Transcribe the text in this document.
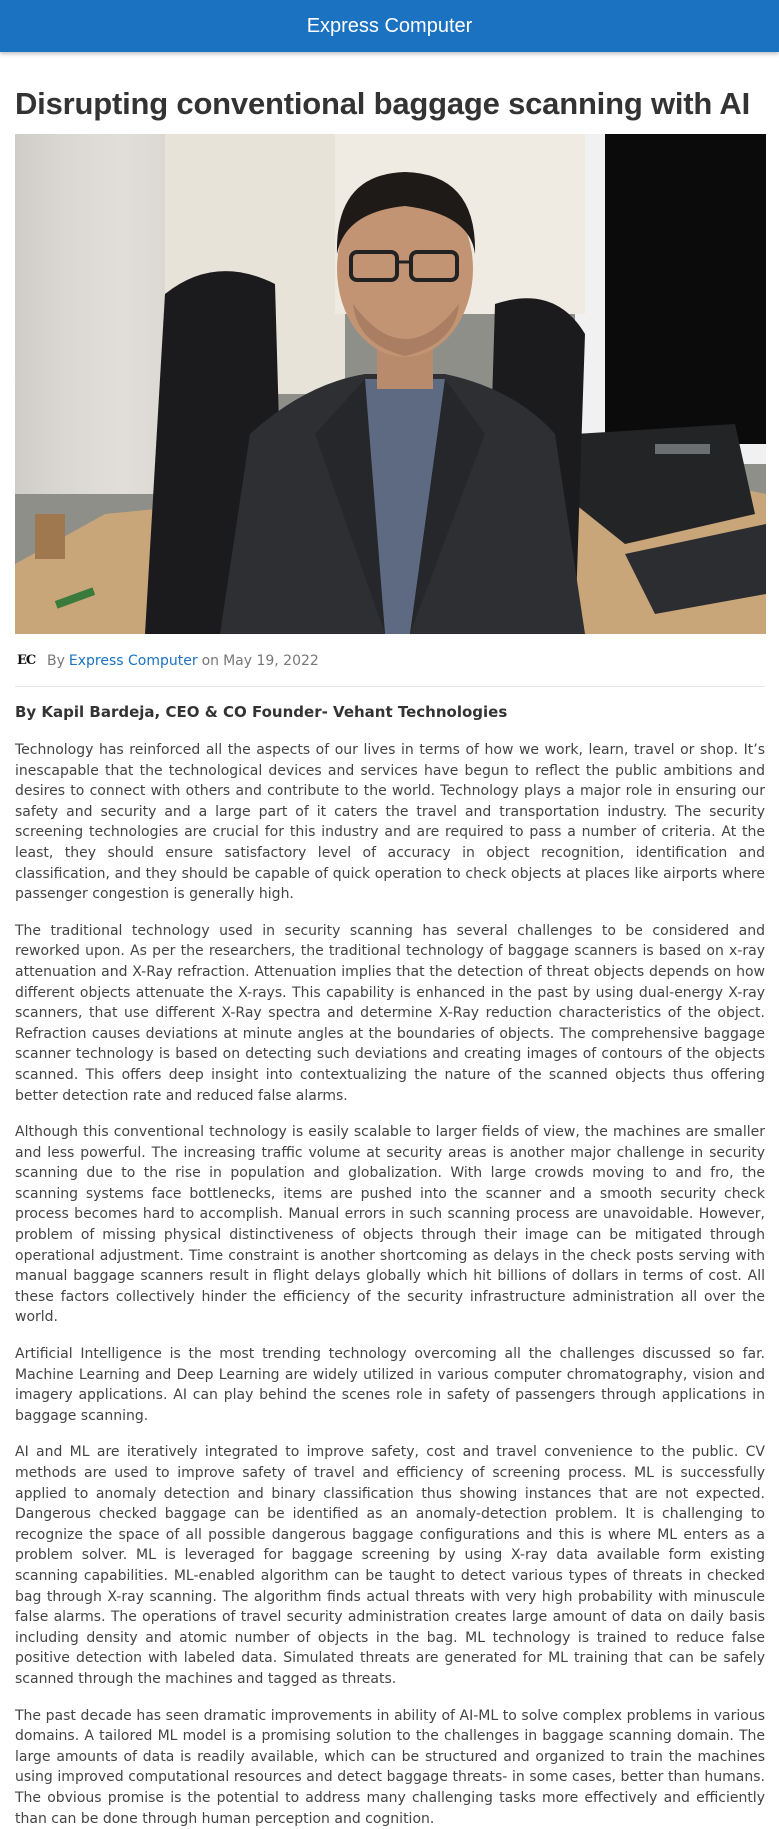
Express Computer
Disrupting conventional baggage scanning with AI
EC By Express Computer on May 19, 2022
By Kapil Bardeja, CEO & CO Founder- Vehant Technologies

Technology has reinforced all the aspects of our lives in terms of how we work, learn, travel or shop. It’s inescapable that the technological devices and services have begun to reflect the public ambitions and desires to connect with others and contribute to the world. Technology plays a major role in ensuring our safety and security and a large part of it caters the travel and transportation industry. The security screening technologies are crucial for this industry and are required to pass a number of criteria. At the least, they should ensure satisfactory level of accuracy in object recognition, identification and classification, and they should be capable of quick operation to check objects at places like airports where passenger congestion is generally high.

The traditional technology used in security scanning has several challenges to be considered and reworked upon. As per the researchers, the traditional technology of baggage scanners is based on x-ray attenuation and X-Ray refraction. Attenuation implies that the detection of threat objects depends on how different objects attenuate the X-rays. This capability is enhanced in the past by using dual-energy X-ray scanners, that use different X-Ray spectra and determine X-Ray reduction characteristics of the object. Refraction causes deviations at minute angles at the boundaries of objects. The comprehensive baggage scanner technology is based on detecting such deviations and creating images of contours of the objects scanned. This offers deep insight into contextualizing the nature of the scanned objects thus offering better detection rate and reduced false alarms.

Although this conventional technology is easily scalable to larger fields of view, the machines are smaller and less powerful. The increasing traffic volume at security areas is another major challenge in security scanning due to the rise in population and globalization. With large crowds moving to and fro, the scanning systems face bottlenecks, items are pushed into the scanner and a smooth security check process becomes hard to accomplish. Manual errors in such scanning process are unavoidable. However, problem of missing physical distinctiveness of objects through their image can be mitigated through operational adjustment. Time constraint is another shortcoming as delays in the check posts serving with manual baggage scanners result in flight delays globally which hit billions of dollars in terms of cost. All these factors collectively hinder the efficiency of the security infrastructure administration all over the world.

Artificial Intelligence is the most trending technology overcoming all the challenges discussed so far. Machine Learning and Deep Learning are widely utilized in various computer chromatography, vision and imagery applications. AI can play behind the scenes role in safety of passengers through applications in baggage scanning.

AI and ML are iteratively integrated to improve safety, cost and travel convenience to the public. CV methods are used to improve safety of travel and efficiency of screening process. ML is successfully applied to anomaly detection and binary classification thus showing instances that are not expected. Dangerous checked baggage can be identified as an anomaly-detection problem. It is challenging to recognize the space of all possible dangerous baggage configurations and this is where ML enters as a problem solver. ML is leveraged for baggage screening by using X-ray data available form existing scanning capabilities. ML-enabled algorithm can be taught to detect various types of threats in checked bag through X-ray scanning. The algorithm finds actual threats with very high probability with minuscule false alarms. The operations of travel security administration creates large amount of data on daily basis including density and atomic number of objects in the bag. ML technology is trained to reduce false positive detection with labeled data. Simulated threats are generated for ML training that can be safely scanned through the machines and tagged as threats.

The past decade has seen dramatic improvements in ability of AI-ML to solve complex problems in various domains. A tailored ML model is a promising solution to the challenges in baggage scanning domain. The large amounts of data is readily available, which can be structured and organized to train the machines using improved computational resources and detect baggage threats- in some cases, better than humans. The obvious promise is the potential to address many challenging tasks more effectively and efficiently than can be done through human perception and cognition.
